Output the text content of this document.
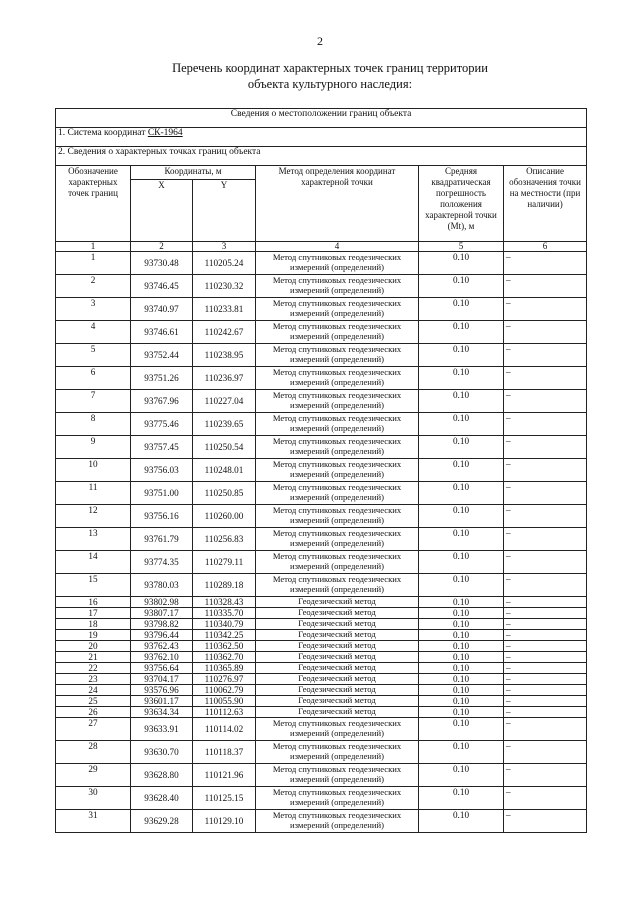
2
Перечень координат характерных точек границ территории
объекта культурного наследия:
Сведения о местоположении границ объекта					
1. Система координат СК-1964					
2. Сведения о характерных точках границ объекта					
Обозначение характерных точек границ	Координаты, м		Метод определения координат характерной точки	Средняя квадратическая погрешность положения характерной точки (Mt), м	Описание обозначения точки на местности (при наличии)
	X	Y			
1	2	3	4	5	6
1	93730.48	110205.24	Метод спутниковых геодезических измерений (определений)	0.10	–
2	93746.45	110230.32	Метод спутниковых геодезических измерений (определений)	0.10	–
3	93740.97	110233.81	Метод спутниковых геодезических измерений (определений)	0.10	–
4	93746.61	110242.67	Метод спутниковых геодезических измерений (определений)	0.10	–
5	93752.44	110238.95	Метод спутниковых геодезических измерений (определений)	0.10	–
6	93751.26	110236.97	Метод спутниковых геодезических измерений (определений)	0.10	–
7	93767.96	110227.04	Метод спутниковых геодезических измерений (определений)	0.10	–
8	93775.46	110239.65	Метод спутниковых геодезических измерений (определений)	0.10	–
9	93757.45	110250.54	Метод спутниковых геодезических измерений (определений)	0.10	–
10	93756.03	110248.01	Метод спутниковых геодезических измерений (определений)	0.10	–
11	93751.00	110250.85	Метод спутниковых геодезических измерений (определений)	0.10	–
12	93756.16	110260.00	Метод спутниковых геодезических измерений (определений)	0.10	–
13	93761.79	110256.83	Метод спутниковых геодезических измерений (определений)	0.10	–
14	93774.35	110279.11	Метод спутниковых геодезических измерений (определений)	0.10	–
15	93780.03	110289.18	Метод спутниковых геодезических измерений (определений)	0.10	–
16	93802.98	110328.43	Геодезический метод	0.10	–
17	93807.17	110335.70	Геодезический метод	0.10	–
18	93798.82	110340.79	Геодезический метод	0.10	–
19	93796.44	110342.25	Геодезический метод	0.10	–
20	93762.43	110362.50	Геодезический метод	0.10	–
21	93762.10	110362.70	Геодезический метод	0.10	–
22	93756.64	110365.89	Геодезический метод	0.10	–
23	93704.17	110276.97	Геодезический метод	0.10	–
24	93576.96	110062.79	Геодезический метод	0.10	–
25	93601.17	110055.90	Геодезический метод	0.10	–
26	93634.34	110112.63	Геодезический метод	0.10	–
27	93633.91	110114.02	Метод спутниковых геодезических измерений (определений)	0.10	–
28	93630.70	110118.37	Метод спутниковых геодезических измерений (определений)	0.10	–
29	93628.80	110121.96	Метод спутниковых геодезических измерений (определений)	0.10	–
30	93628.40	110125.15	Метод спутниковых геодезических измерений (определений)	0.10	–
31	93629.28	110129.10	Метод спутниковых геодезических измерений (определений)	0.10	–
